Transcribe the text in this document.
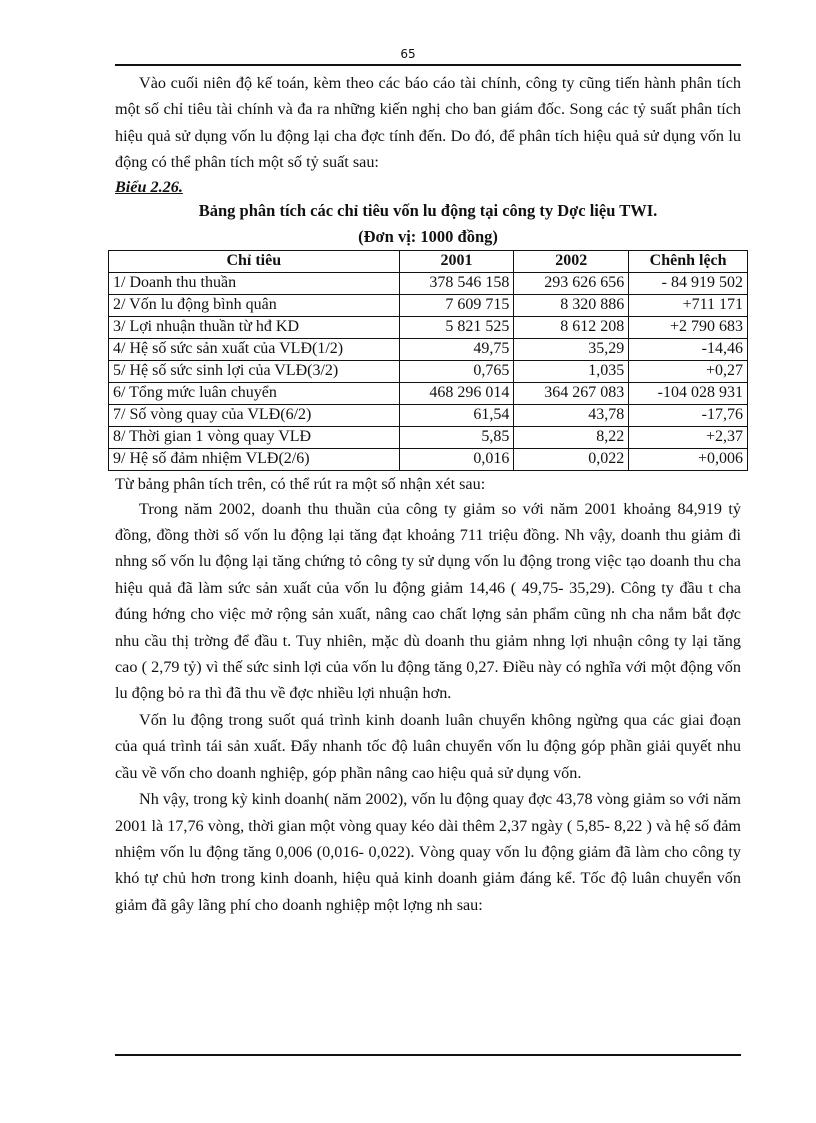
65

Vào cuối niên độ kế toán, kèm theo các báo cáo tài chính, công ty cũng tiến hành phân tích một số chỉ tiêu tài chính và đa ra những kiến nghị cho ban giám đốc. Song các tỷ suất phân tích hiệu quả sử dụng vốn lu động lại cha đợc tính đến. Do đó, để phân tích hiệu quả sử dụng vốn lu động có thể phân tích một số tỷ suất sau:

Biểu 2.26.

Bảng phân tích các chỉ tiêu vốn lu động tại công ty Dợc liệu TWI.

(Đơn vị: 1000 đồng)

Chỉ tiêu	2001	2002	Chênh lệch
1/ Doanh thu thuần	378 546 158	293 626 656	- 84 919 502
2/ Vốn lu động bình quân	7 609 715	8 320 886	+711 171
3/ Lợi nhuận thuần từ hđ KD	5 821 525	8 612 208	+2 790 683
4/ Hệ số sức sản xuất của VLĐ(1/2)	49,75	35,29	-14,46
5/ Hệ số sức sinh lợi của VLĐ(3/2)	0,765	1,035	+0,27
6/ Tổng mức luân chuyển	468 296 014	364 267 083	-104 028 931
7/ Số vòng quay của VLĐ(6/2)	61,54	43,78	-17,76
8/ Thời gian 1 vòng quay VLĐ	5,85	8,22	+2,37
9/ Hệ số đảm nhiệm VLĐ(2/6)	0,016	0,022	+0,006

Từ bảng phân tích trên, có thể rút ra một số nhận xét sau:

Trong năm 2002, doanh thu thuần của công ty giảm so với năm 2001 khoảng 84,919 tỷ đồng, đồng thời số vốn lu động lại tăng đạt khoảng 711 triệu đồng. Nh vậy, doanh thu giảm đi nhng số vốn lu động lại tăng chứng tỏ công ty sử dụng vốn lu động trong việc tạo doanh thu cha hiệu quả đã làm sức sản xuất của vốn lu động giảm 14,46 ( 49,75- 35,29). Công ty đầu t cha đúng hớng cho việc mở rộng sản xuất, nâng cao chất lợng sản phẩm cũng nh cha nắm bắt đợc nhu cầu thị trờng để đầu t. Tuy nhiên, mặc dù doanh thu giảm nhng lợi nhuận công ty lại tăng cao ( 2,79 tỷ) vì thế sức sinh lợi của vốn lu động tăng 0,27. Điều này có nghĩa với một động vốn lu động bỏ ra thì đã thu về đợc nhiều lợi nhuận hơn.

Vốn lu động trong suốt quá trình kinh doanh luân chuyển không ngừng qua các giai đoạn của quá trình tái sản xuất. Đẩy nhanh tốc độ luân chuyển vốn lu động góp phần giải quyết nhu cầu về vốn cho doanh nghiệp, góp phần nâng cao hiệu quả sử dụng vốn.

Nh vậy, trong kỳ kinh doanh( năm 2002), vốn lu động quay đợc 43,78 vòng giảm so với năm 2001 là 17,76 vòng, thời gian một vòng quay kéo dài thêm 2,37 ngày ( 5,85- 8,22 ) và hệ số đảm nhiệm vốn lu động tăng 0,006 (0,016- 0,022). Vòng quay vốn lu động giảm đã làm cho công ty khó tự chủ hơn trong kinh doanh, hiệu quả kinh doanh giảm đáng kể. Tốc độ luân chuyển vốn giảm đã gây lãng phí cho doanh nghiệp một lợng nh sau:
